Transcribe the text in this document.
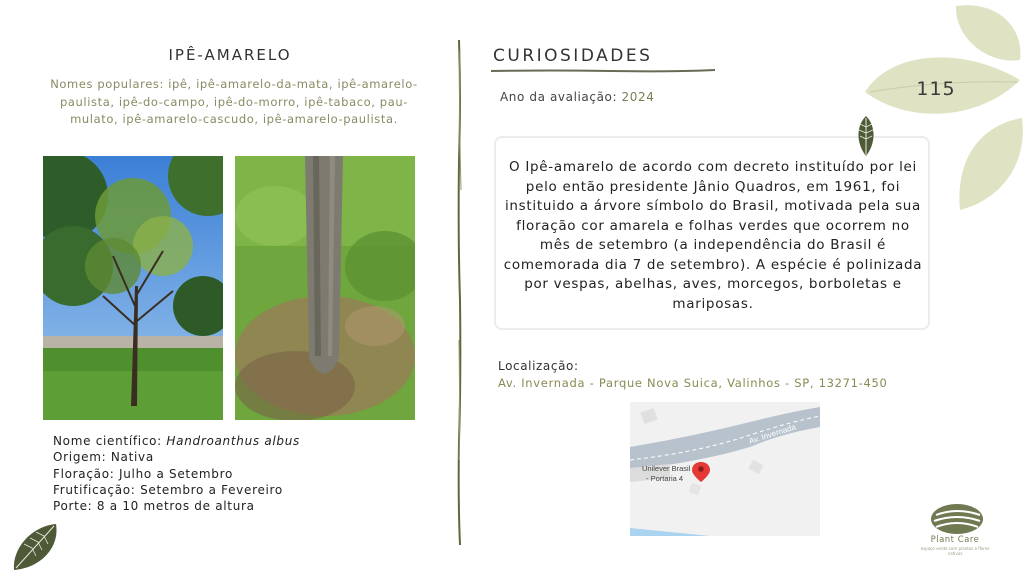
IPÊ-AMARELO
Nomes populares: ipê, ipê-amarelo-da-mata, ipê-amarelo-paulista, ipê-do-campo, ipê-do-morro, ipê-tabaco, pau-mulato, ipê-amarelo-cascudo, ipê-amarelo-paulista.
Nome científico: Handroanthus albus
Origem: Nativa
Floração: Julho a Setembro
Frutificação: Setembro a Fevereiro
Porte: 8 a 10 metros de altura
CURIOSIDADES
Ano da avaliação: 2024
O Ipê-amarelo de acordo com decreto instituído por lei pelo então presidente Jânio Quadros, em 1961, foi instituido a árvore símbolo do Brasil, motivada pela sua floração cor amarela e folhas verdes que ocorrem no mês de setembro (a independência do Brasil é comemorada dia 7 de setembro). A espécie é polinizada por vespas, abelhas, aves, morcegos, borboletas e mariposas.
Localização:
Av. Invernada - Parque Nova Suica, Valinhos - SP, 13271-450
Av. Invernada
Unilever Brasil
- Portaria 4
115
Plant Care
espaço verde com plantas e flores nativas
